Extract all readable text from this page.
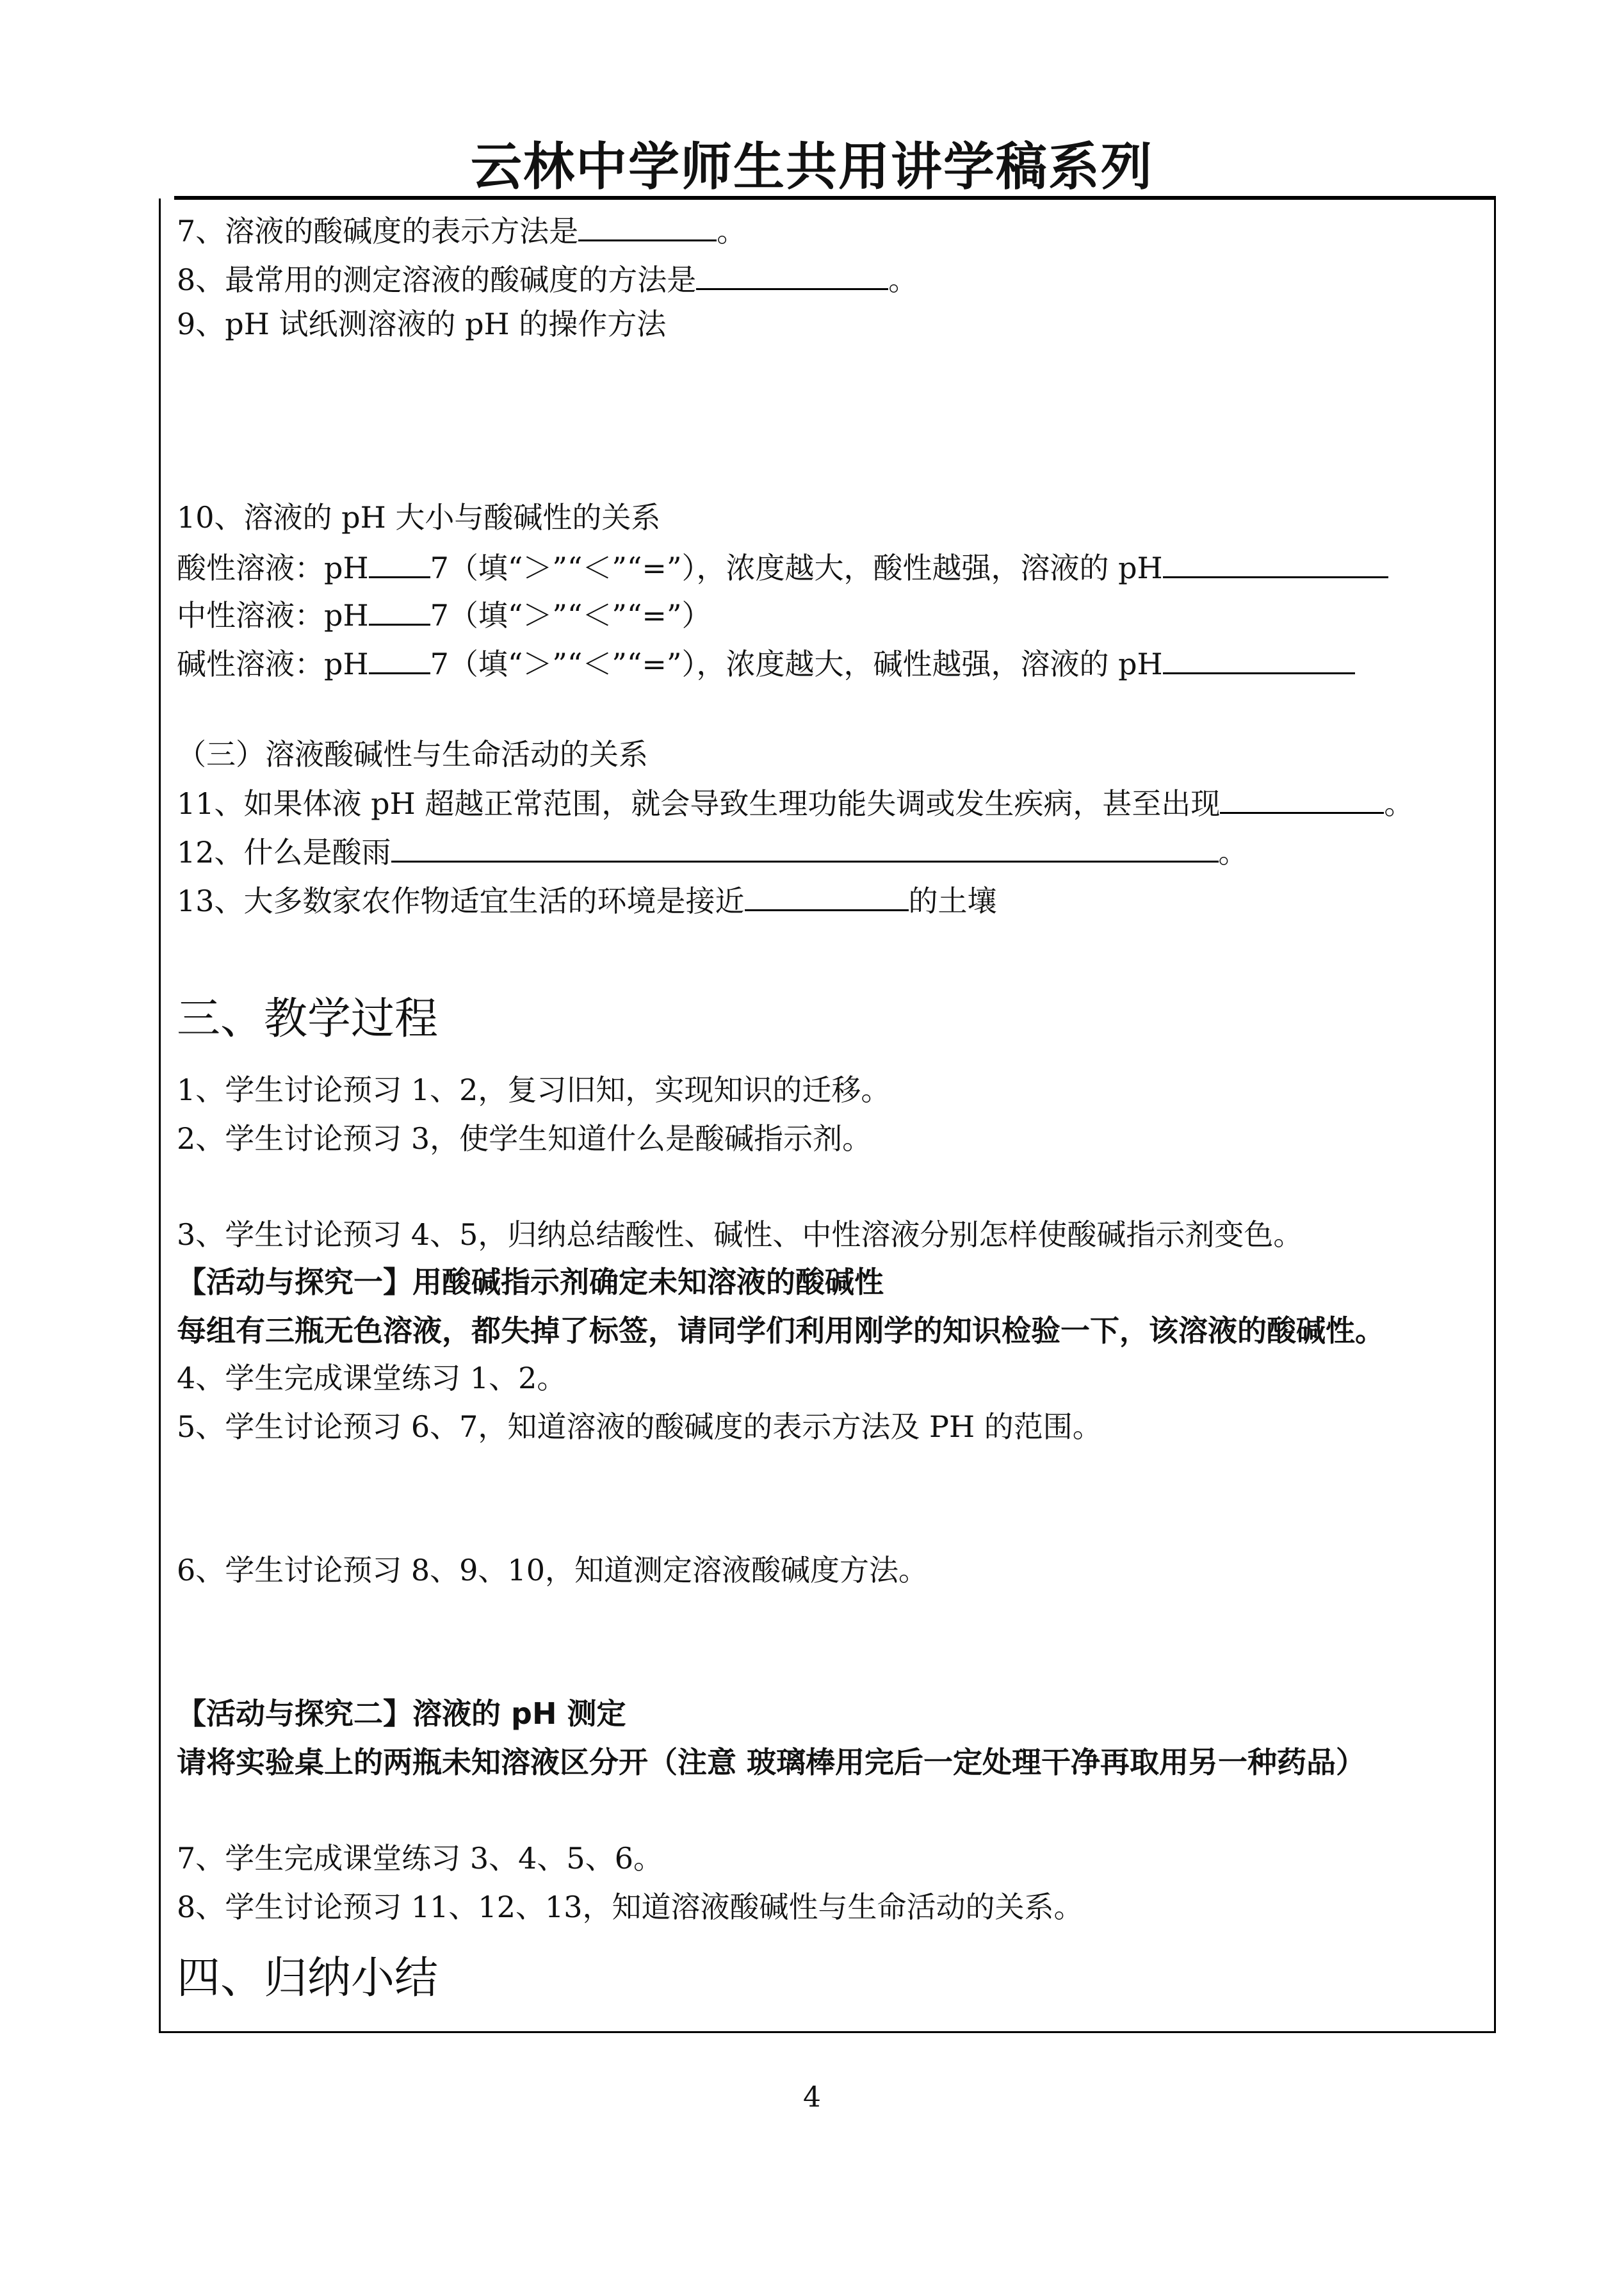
云林中学师生共用讲学稿系列
7、溶液的酸碱度的表示方法是	。
8、最常用的测定溶液的酸碱度的方法是	。
9、pH 试纸测溶液的 pH 的操作方法
10、溶液的 pH 大小与酸碱性的关系
酸性溶液：pH 7（填“＞”“＜”“=”），浓度越大，酸性越强，溶液的 pH
中性溶液：pH 7（填“＞”“＜”“=”）
碱性溶液：pH 7（填“＞”“＜”“=”），浓度越大，碱性越强，溶液的 pH
（三）溶液酸碱性与生命活动的关系
11、如果体液 pH 超越正常范围，就会导致生理功能失调或发生疾病，甚至出现	。
12、什么是酸雨	。
13、大多数家农作物适宜生活的环境是接近	的土壤
三、教学过程
1、学生讨论预习 1、2，复习旧知，实现知识的迁移。
2、学生讨论预习 3，使学生知道什么是酸碱指示剂。
3、学生讨论预习 4、5，归纳总结酸性、碱性、中性溶液分别怎样使酸碱指示剂变色。
【活动与探究一】用酸碱指示剂确定未知溶液的酸碱性
每组有三瓶无色溶液，都失掉了标签，请同学们利用刚学的知识检验一下，该溶液的酸碱性。
4、学生完成课堂练习 1、2。
5、学生讨论预习 6、7，知道溶液的酸碱度的表示方法及 PH 的范围。
6、学生讨论预习 8、9、10，知道测定溶液酸碱度方法。
【活动与探究二】溶液的 pH 测定
请将实验桌上的两瓶未知溶液区分开（注意 玻璃棒用完后一定处理干净再取用另一种药品）
7、学生完成课堂练习 3、4、5、6。
8、学生讨论预习 11、12、13，知道溶液酸碱性与生命活动的关系。
四、归纳小结
4
